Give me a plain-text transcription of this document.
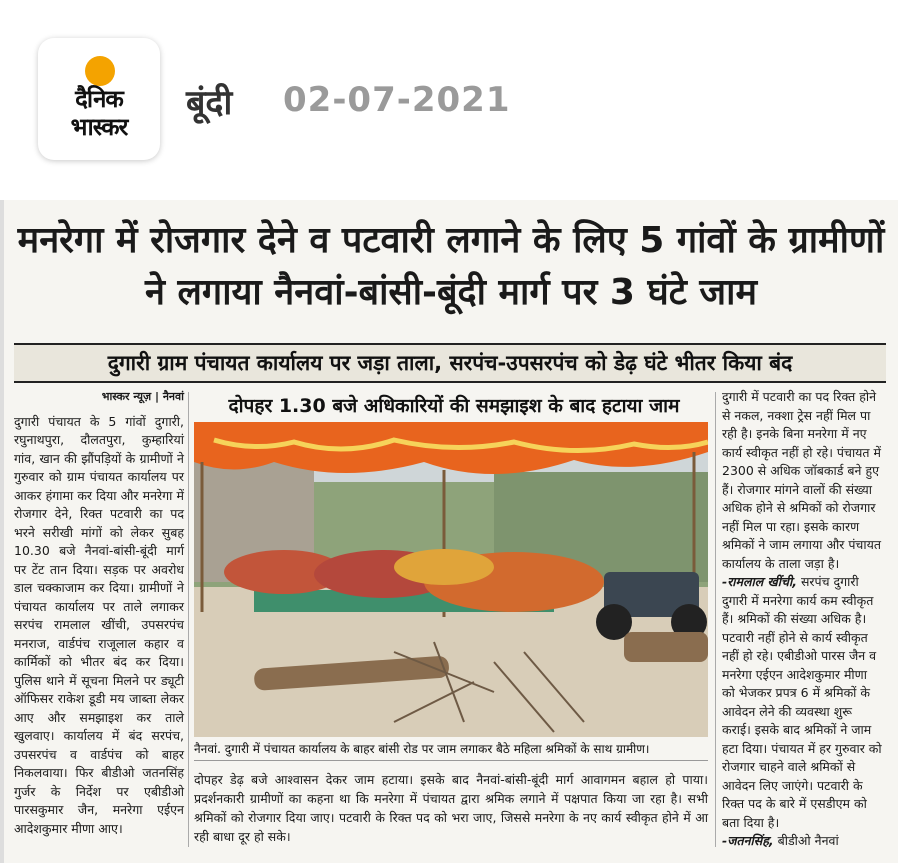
दैनिक
भास्कर
बूंदी 02-07-2021
मनरेगा में रोजगार देने व पटवारी लगाने के लिए 5 गांवों के ग्रामीणों ने लगाया नैनवां-बांसी-बूंदी मार्ग पर 3 घंटे जाम
दुगारी ग्राम पंचायत कार्यालय पर जड़ा ताला, सरपंच-उपसरपंच को डेढ़ घंटे भीतर किया बंद
भास्कर न्यूज़ | नैनवां
दुगारी पंचायत के 5 गांवों दुगारी, रघुनाथपुरा, दौलतपुरा, कुम्हारियां गांव, खान की झौंपड़ियों के ग्रामीणों ने गुरुवार को ग्राम पंचायत कार्यालय पर आकर हंगामा कर दिया और मनरेगा में रोजगार देने, रिक्त पटवारी का पद भरने सरीखी मांगों को लेकर सुबह 10.30 बजे नैनवां-बांसी-बूंदी मार्ग पर टेंट तान दिया। सड़क पर अवरोध डाल चक्काजाम कर दिया। ग्रामीणों ने पंचायत कार्यालय पर ताले लगाकर सरपंच रामलाल खींची, उपसरपंच मनराज, वार्डपंच राजूलाल कहार व कार्मिकों को भीतर बंद कर दिया। पुलिस थाने में सूचना मिलने पर ड्यूटी ऑफिसर राकेश डूडी मय जाब्ता लेकर आए और समझाइश कर ताले खुलवाए। कार्यालय में बंद सरपंच, उपसरपंच व वार्डपंच को बाहर निकलवाया। फिर बीडीओ जतनसिंह गुर्जर के निर्देश पर एबीडीओ पारसकुमार जैन, मनरेगा एईएन आदेशकुमार मीणा आए।
दोपहर 1.30 बजे अधिकारियों की समझाइश के बाद हटाया जाम
नैनवां. दुगारी में पंचायत कार्यालय के बाहर बांसी रोड पर जाम लगाकर बैठे महिला श्रमिकों के साथ ग्रामीण।
दोपहर डेढ़ बजे आश्वासन देकर जाम हटाया। इसके बाद नैनवां-बांसी-बूंदी मार्ग आवागमन बहाल हो पाया। प्रदर्शनकारी ग्रामीणों का कहना था कि मनरेगा में पंचायत द्वारा श्रमिक लगाने में पक्षपात किया जा रहा है। सभी श्रमिकों को रोजगार दिया जाए। पटवारी के रिक्त पद को भरा जाए, जिससे मनरेगा के नए कार्य स्वीकृत होने में आ रही बाधा दूर हो सके।

दुगारी में पटवारी का पद रिक्त होने से नकल, नक्शा ट्रेस नहीं मिल पा रही है। इनके बिना मनरेगा में नए कार्य स्वीकृत नहीं हो रहे। पंचायत में 2300 से अधिक जॉबकार्ड बने हुए हैं। रोजगार मांगने वालों की संख्या अधिक होने से श्रमिकों को रोजगार नहीं मिल पा रहा। इसके कारण श्रमिकों ने जाम लगाया और पंचायत कार्यालय के ताला जड़ा है।

-रामलाल खींची, सरपंच दुगारी

दुगारी में मनरेगा कार्य कम स्वीकृत हैं। श्रमिकों की संख्या अधिक है। पटवारी नहीं होने से कार्य स्वीकृत नहीं हो रहे। एबीडीओ पारस जैन व मनरेगा एईएन आदेशकुमार मीणा को भेजकर प्रपत्र 6 में श्रमिकों के आवेदन लेने की व्यवस्था शुरू कराई। इसके बाद श्रमिकों ने जाम हटा दिया। पंचायत में हर गुरुवार को रोजगार चाहने वाले श्रमिकों से आवेदन लिए जाएंगे। पटवारी के रिक्त पद के बारे में एसडीएम को बता दिया है।

-जतनसिंह, बीडीओ नैनवां
